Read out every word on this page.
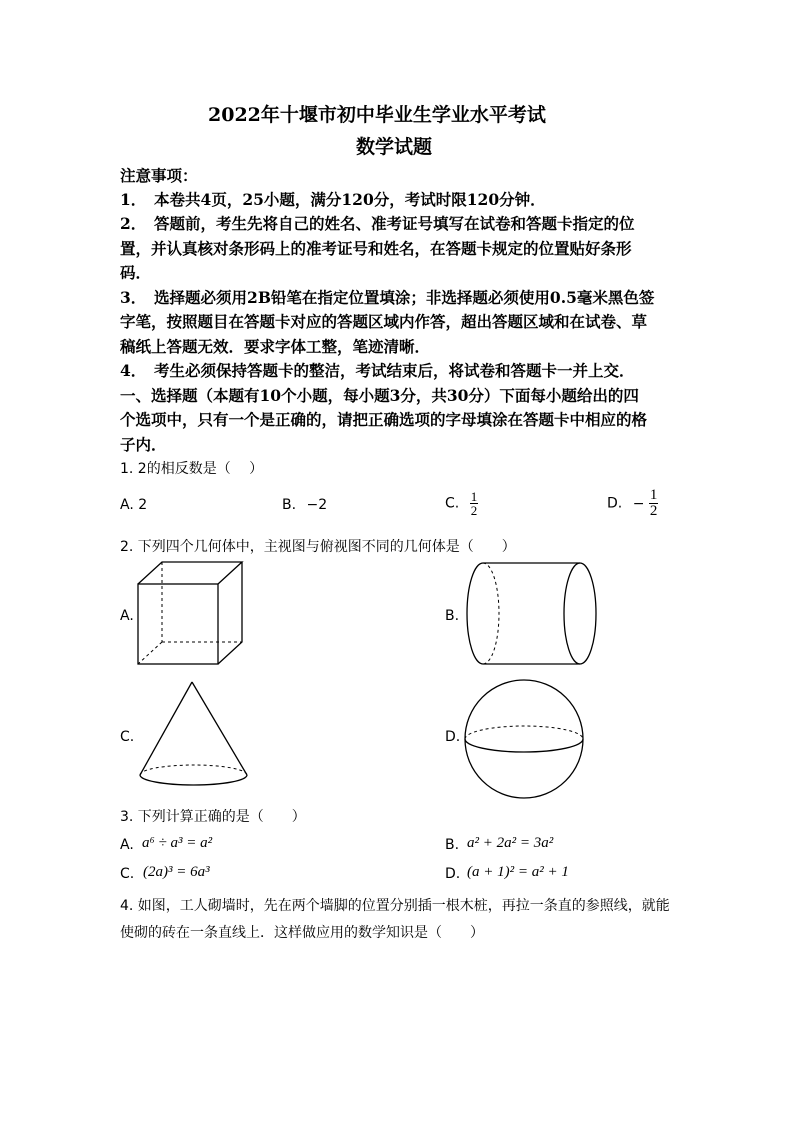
2022年十堰市初中毕业生学业水平考试
数学试题
注意事项：
1．　本卷共4页，25小题，满分120分，考试时限120分钟．
2．　答题前，考生先将自己的姓名、准考证号填写在试卷和答题卡指定的位
置，并认真核对条形码上的准考证号和姓名，在答题卡规定的位置贴好条形
码．
3．　选择题必须用2B铅笔在指定位置填涂；非选择题必须使用0.5毫米黑色签
字笔，按照题目在答题卡对应的答题区域内作答，超出答题区域和在试卷、草
稿纸上答题无效．要求字体工整，笔迹清晰．
4．　考生必须保持答题卡的整洁，考试结束后，将试卷和答题卡一并上交．
一、选择题（本题有10个小题，每小题3分，共30分）下面每小题给出的四
个选项中，只有一个是正确的，请把正确选项的字母填涂在答题卡中相应的格
子内．
1. 2的相反数是（　 ）
A. 2	B. −2	C. $\frac{1}{2}$	D. − $\frac{1}{2}$
2. 下列四个几何体中，主视图与俯视图不同的几何体是（　　）
A.	B.
C.	D.
3. 下列计算正确的是（　　）
A. a⁶ ÷ a³ = a²	B. a² + 2a² = 3a²
C. (2a)³ = 6a³	D. (a + 1)² = a² + 1
4. 如图，工人砌墙时，先在两个墙脚的位置分别插一根木桩，再拉一条直的参照线，就能
使砌的砖在一条直线上．这样做应用的数学知识是（　　）
